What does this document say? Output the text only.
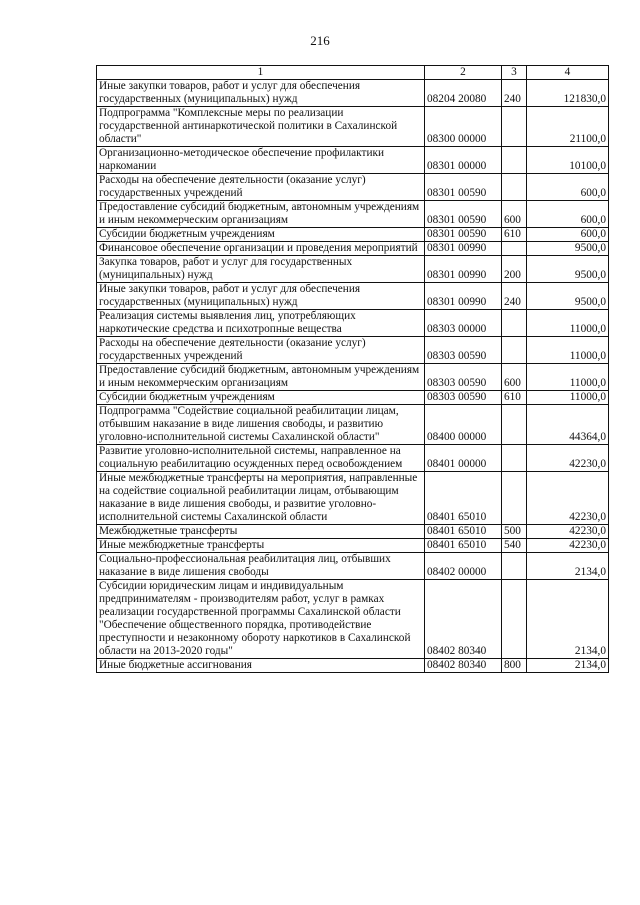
216
1	2	3	4
Иные закупки товаров, работ и услуг для обеспечения государственных (муниципальных) нужд	08204 20080	240	121830,0
Подпрограмма "Комплексные меры по реализации государственной антинаркотической политики в Сахалинской области"	08300 00000		21100,0
Организационно-методическое обеспечение профилактики наркомании	08301 00000		10100,0
Расходы на обеспечение деятельности (оказание услуг) государственных учреждений	08301 00590		600,0
Предоставление субсидий бюджетным, автономным учреждениям и иным некоммерческим организациям	08301 00590	600	600,0
Субсидии бюджетным учреждениям	08301 00590	610	600,0
Финансовое обеспечение организации и проведения мероприятий	08301 00990		9500,0
Закупка товаров, работ и услуг для государственных (муниципальных) нужд	08301 00990	200	9500,0
Иные закупки товаров, работ и услуг для обеспечения государственных (муниципальных) нужд	08301 00990	240	9500,0
Реализация системы выявления лиц, употребляющих наркотические средства и психотропные вещества	08303 00000		11000,0
Расходы на обеспечение деятельности (оказание услуг) государственных учреждений	08303 00590		11000,0
Предоставление субсидий бюджетным, автономным учреждениям и иным некоммерческим организациям	08303 00590	600	11000,0
Субсидии бюджетным учреждениям	08303 00590	610	11000,0
Подпрограмма "Содействие социальной реабилитации лицам, отбывшим наказание в виде лишения свободы, и развитию уголовно-исполнительной системы Сахалинской области"	08400 00000		44364,0
Развитие уголовно-исполнительной системы, направленное на социальную реабилитацию осужденных перед освобождением	08401 00000		42230,0
Иные межбюджетные трансферты на мероприятия, направленные на содействие социальной реабилитации лицам, отбывающим наказание в виде лишения свободы, и развитие уголовно-исполнительной системы Сахалинской области	08401 65010		42230,0
Межбюджетные трансферты	08401 65010	500	42230,0
Иные межбюджетные трансферты	08401 65010	540	42230,0
Социально-профессиональная реабилитация лиц, отбывших наказание в виде лишения свободы	08402 00000		2134,0
Субсидии юридическим лицам и индивидуальным предпринимателям - производителям работ, услуг в рамках реализации государственной программы Сахалинской области "Обеспечение общественного порядка, противодействие преступности и незаконному обороту наркотиков в Сахалинской области на 2013-2020 годы"	08402 80340		2134,0
Иные бюджетные ассигнования	08402 80340	800	2134,0
